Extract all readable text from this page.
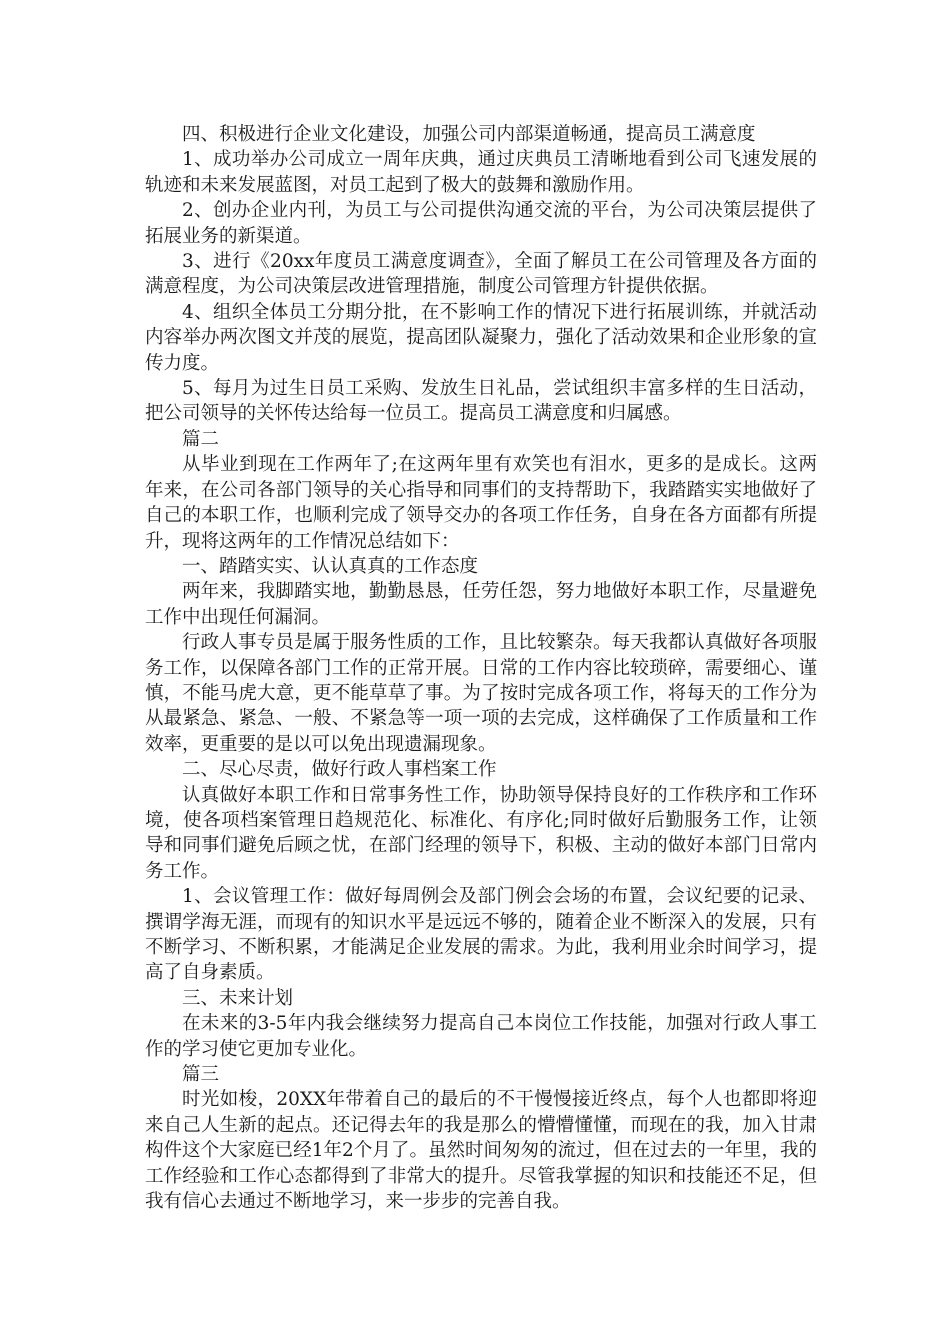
四、积极进行企业文化建设，加强公司内部渠道畅通，提高员工满意度

1、成功举办公司成立一周年庆典，通过庆典员工清晰地看到公司飞速发展的轨迹和未来发展蓝图，对员工起到了极大的鼓舞和激励作用。

2、创办企业内刊，为员工与公司提供沟通交流的平台，为公司决策层提供了拓展业务的新渠道。

3、进行《20xx年度员工满意度调查》，全面了解员工在公司管理及各方面的满意程度，为公司决策层改进管理措施，制度公司管理方针提供依据。

4、组织全体员工分期分批，在不影响工作的情况下进行拓展训练，并就活动内容举办两次图文并茂的展览，提高团队凝聚力，强化了活动效果和企业形象的宣传力度。

5、每月为过生日员工采购、发放生日礼品，尝试组织丰富多样的生日活动，把公司领导的关怀传达给每一位员工。提高员工满意度和归属感。

篇二

从毕业到现在工作两年了;在这两年里有欢笑也有泪水，更多的是成长。这两年来，在公司各部门领导的关心指导和同事们的支持帮助下，我踏踏实实地做好了自己的本职工作，也顺利完成了领导交办的各项工作任务，自身在各方面都有所提升，现将这两年的工作情况总结如下：

一、踏踏实实、认认真真的工作态度

两年来，我脚踏实地，勤勤恳恳，任劳任怨，努力地做好本职工作，尽量避免工作中出现任何漏洞。

行政人事专员是属于服务性质的工作，且比较繁杂。每天我都认真做好各项服务工作，以保障各部门工作的正常开展。日常的工作内容比较琐碎，需要细心、谨慎，不能马虎大意，更不能草草了事。为了按时完成各项工作，将每天的工作分为从最紧急、紧急、一般、不紧急等一项一项的去完成，这样确保了工作质量和工作效率，更重要的是以可以免出现遗漏现象。

二、尽心尽责，做好行政人事档案工作

认真做好本职工作和日常事务性工作，协助领导保持良好的工作秩序和工作环境，使各项档案管理日趋规范化、标准化、有序化;同时做好后勤服务工作，让领导和同事们避免后顾之忧，在部门经理的领导下，积极、主动的做好本部门日常内务工作。

1、会议管理工作：做好每周例会及部门例会会场的布置，会议纪要的记录、撰谓学海无涯，而现有的知识水平是远远不够的，随着企业不断深入的发展，只有不断学习、不断积累，才能满足企业发展的需求。为此，我利用业余时间学习，提高了自身素质。

三、未来计划

在未来的3-5年内我会继续努力提高自己本岗位工作技能，加强对行政人事工作的学习使它更加专业化。

篇三

时光如梭，20XX年带着自己的最后的不干慢慢接近终点，每个人也都即将迎来自己人生新的起点。还记得去年的我是那么的懵懵懂懂，而现在的我，加入甘肃构件这个大家庭已经1年2个月了。虽然时间匆匆的流过，但在过去的一年里，我的工作经验和工作心态都得到了非常大的提升。尽管我掌握的知识和技能还不足，但我有信心去通过不断地学习，来一步步的完善自我。
